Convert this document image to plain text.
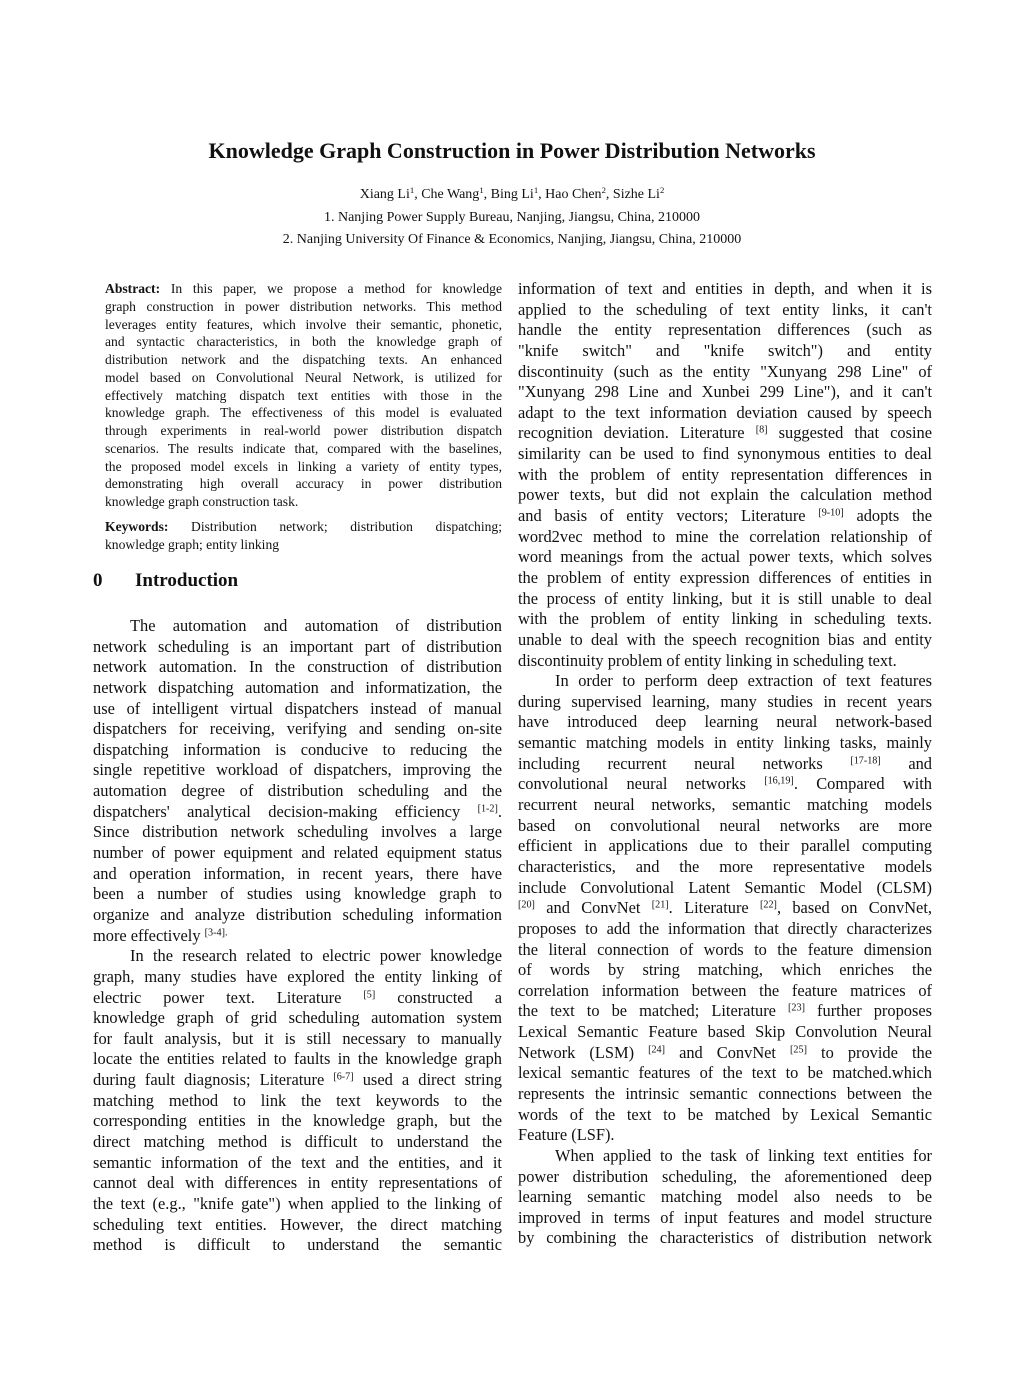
Knowledge Graph Construction in Power Distribution Networks
Xiang Li$^1$, Che Wang$^1$, Bing Li$^1$, Hao Chen$^2$, Sizhe Li$^2$
1. Nanjing Power Supply Bureau, Nanjing, Jiangsu, China, 210000
2. Nanjing University Of Finance & Economics, Nanjing, Jiangsu, China, 210000
Abstract: In this paper, we propose a method for knowledge
graph construction in power distribution networks. This method
leverages entity features, which involve their semantic, phonetic,
and syntactic characteristics, in both the knowledge graph of
distribution network and the dispatching texts. An enhanced
model based on Convolutional Neural Network, is utilized for
effectively matching dispatch text entities with those in the
knowledge graph. The effectiveness of this model is evaluated
through experiments in real-world power distribution dispatch
scenarios. The results indicate that, compared with the baselines,
the proposed model excels in linking a variety of entity types,
demonstrating high overall accuracy in power distribution
knowledge graph construction task.
Keywords: Distribution network; distribution dispatching;
knowledge graph; entity linking
0 Introduction
The automation and automation of distribution
network scheduling is an important part of distribution
network automation. In the construction of distribution
network dispatching automation and informatization, the
use of intelligent virtual dispatchers instead of manual
dispatchers for receiving, verifying and sending on-site
dispatching information is conducive to reducing the
single repetitive workload of dispatchers, improving the
automation degree of distribution scheduling and the
dispatchers' analytical decision-making efficiency [1-2].
Since distribution network scheduling involves a large
number of power equipment and related equipment status
and operation information, in recent years, there have
been a number of studies using knowledge graph to
organize and analyze distribution scheduling information
more effectively $^{[3-4].}$
In the research related to electric power knowledge
graph, many studies have explored the entity linking of
electric power text. Literature [5] constructed a
knowledge graph of grid scheduling automation system
for fault analysis, but it is still necessary to manually
locate the entities related to faults in the knowledge graph
during fault diagnosis; Literature [6-7] used a direct string
matching method to link the text keywords to the
corresponding entities in the knowledge graph, but the
direct matching method is difficult to understand the
semantic information of the text and the entities, and it
cannot deal with differences in entity representations of
the text (e.g., "knife gate") when applied to the linking of
scheduling text entities. However, the direct matching
method is difficult to understand the semantic
information of text and entities in depth, and when it is
applied to the scheduling of text entity links, it can't
handle the entity representation differences (such as
"knife switch" and "knife switch") and entity
discontinuity (such as the entity "Xunyang 298 Line" of
"Xunyang 298 Line and Xunbei 299 Line"), and it can't
adapt to the text information deviation caused by speech
recognition deviation. Literature [8] suggested that cosine
similarity can be used to find synonymous entities to deal
with the problem of entity representation differences in
power texts, but did not explain the calculation method
and basis of entity vectors; Literature [9-10] adopts the
word2vec method to mine the correlation relationship of
word meanings from the actual power texts, which solves
the problem of entity expression differences of entities in
the process of entity linking, but it is still unable to deal
with the problem of entity linking in scheduling texts.
unable to deal with the speech recognition bias and entity
discontinuity problem of entity linking in scheduling text.
In order to perform deep extraction of text features
during supervised learning, many studies in recent years
have introduced deep learning neural network-based
semantic matching models in entity linking tasks, mainly
including recurrent neural networks [17-18] and
convolutional neural networks [16,19]. Compared with
recurrent neural networks, semantic matching models
based on convolutional neural networks are more
efficient in applications due to their parallel computing
characteristics, and the more representative models
include Convolutional Latent Semantic Model (CLSM)
[20] and ConvNet [21]. Literature [22], based on ConvNet,
proposes to add the information that directly characterizes
the literal connection of words to the feature dimension
of words by string matching, which enriches the
correlation information between the feature matrices of
the text to be matched; Literature [23] further proposes
Lexical Semantic Feature based Skip Convolution Neural
Network (LSM) [24] and ConvNet [25] to provide the
lexical semantic features of the text to be matched.which
represents the intrinsic semantic connections between the
words of the text to be matched by Lexical Semantic
Feature (LSF).
When applied to the task of linking text entities for
power distribution scheduling, the aforementioned deep
learning semantic matching model also needs to be
improved in terms of input features and model structure
by combining the characteristics of distribution network
